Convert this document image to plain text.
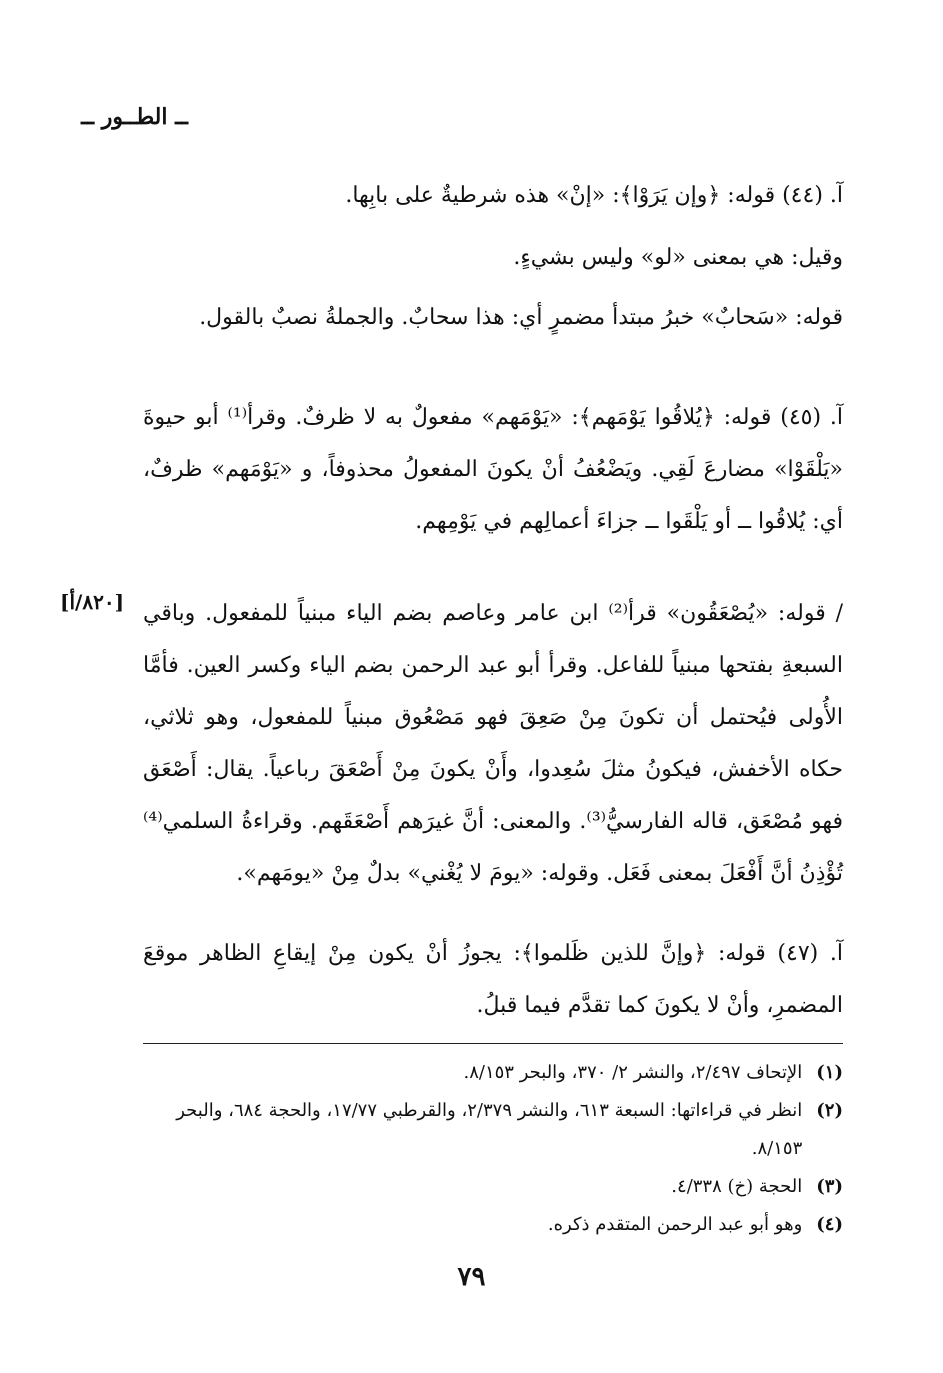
ــ الطــور ــ

آ. (٤٤) قوله: ﴿وإن يَرَوْا﴾: «إنْ» هذه شرطيةٌ على بابِها.

وقيل: هي بمعنى «لو» وليس بشيءٍ.

قوله: «سَحابٌ» خبرُ مبتدأ مضمرٍ أي: هذا سحابٌ. والجملةُ نصبٌ بالقول.

آ. (٤٥) قوله: ﴿يُلاقُوا يَوْمَهم﴾: «يَوْمَهم» مفعولٌ به لا ظرفٌ. وقرأ⁽¹⁾ أبو حيوةَ «يَلْقَوْا» مضارعَ لَقِي. ويَضْعُفُ أنْ يكونَ المفعولُ محذوفاً، و «يَوْمَهم» ظرفٌ، أي: يُلاقُوا ــ أو يَلْقَوا ــ جزاءَ أعمالِهم في يَوْمِهم.

[٨٢٠/أ] / قوله: «يُصْعَقُون» قرأ⁽²⁾ ابن عامر وعاصم بضم الياء مبنياً للمفعول. وباقي السبعةِ بفتحها مبنياً للفاعل. وقرأ أبو عبد الرحمن بضم الياء وكسر العين. فأمَّا الأُولى فيُحتمل أن تكونَ مِنْ صَعِقَ فهو مَصْعُوق مبنياً للمفعول، وهو ثلاثي، حكاه الأخفش، فيكونُ مثلَ سُعِدوا، وأَنْ يكونَ مِنْ أَصْعَقَ رباعياً. يقال: أَصْعَق فهو مُصْعَق، قاله الفارسيُّ⁽³⁾. والمعنى: أنَّ غيرَهم أَصْعَقَهم. وقراءةُ السلمي⁽⁴⁾ تُؤْذِنُ أنَّ أَفْعَلَ بمعنى فَعَل. وقوله: «يومَ لا يُغْني» بدلٌ مِنْ «يومَهم».

آ. (٤٧) قوله: ﴿وإنَّ للذين ظَلموا﴾: يجوزُ أنْ يكون مِنْ إيقاعِ الظاهر موقعَ المضمرِ، وأنْ لا يكونَ كما تقدَّم فيما قبلُ.

(١)
الإتحاف ٢/٤٩٧، والنشر ٢/ ٣٧٠، والبحر ٨/١٥٣.
(٢)
انظر في قراءاتها: السبعة ٦١٣، والنشر ٢/٣٧٩، والقرطبي ١٧/٧٧، والحجة ٦٨٤، والبحر ٨/١٥٣.
(٣)
الحجة (خ) ٤/٣٣٨.
(٤)
وهو أبو عبد الرحمن المتقدم ذكره.
٧٩
